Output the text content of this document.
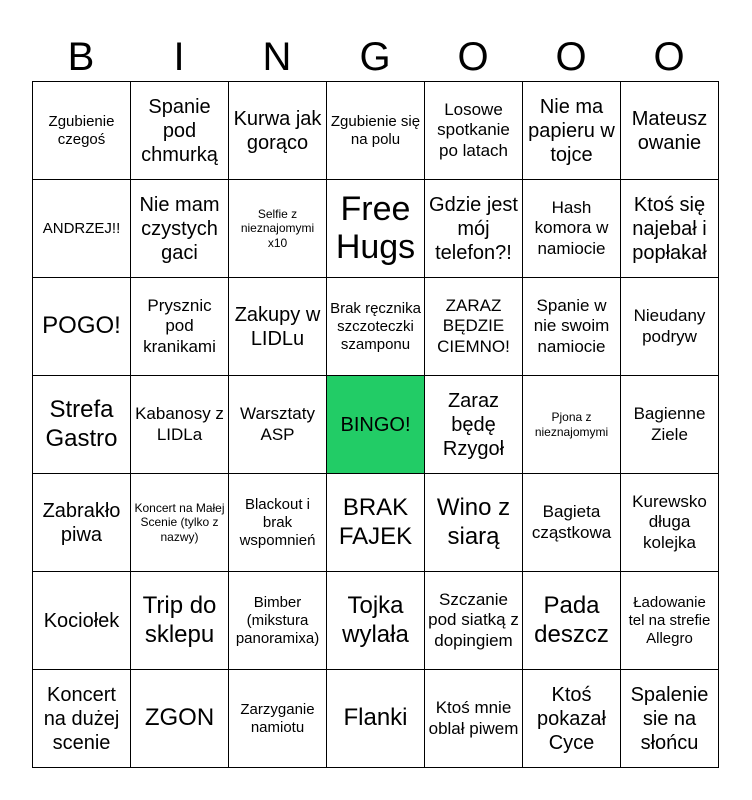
B	I	N	G	O	O	O
Zgubienie czegoś	Spanie pod chmurką	Kurwa jak gorąco	Zgubienie się na polu	Losowe spotkanie po latach	Nie ma papieru w tojce	Mateusz owanie
ANDRZEJ!!	Nie mam czystych gaci	Selfie z nieznajomymi x10	Free Hugs	Gdzie jest mój telefon?!	Hash komora w namiocie	Ktoś się najebał i popłakał
POGO!	Prysznic pod kranikami	Zakupy w LIDLu	Brak ręcznika szczoteczki szamponu	ZARAZ BĘDZIE CIEMNO!	Spanie w nie swoim namiocie	Nieudany podryw
Strefa Gastro	Kabanosy z LIDLa	Warsztaty ASP	BINGO!	Zaraz będę Rzygoł	Pjona z nieznajomymi	Bagienne Ziele
Zabrakło piwa	Koncert na Małej Scenie (tylko z nazwy)	Blackout i brak wspomnień	BRAK FAJEK	Wino z siarą	Bagieta cząstkowa	Kurewsko długa kolejka
Kociołek	Trip do sklepu	Bimber (mikstura panoramixa)	Tojka wylała	Szczanie pod siatką z dopingiem	Pada deszcz	Ładowanie tel na strefie Allegro
Koncert na dużej scenie	ZGON	Zarzyganie namiotu	Flanki	Ktoś mnie oblał piwem	Ktoś pokazał Cyce	Spalenie sie na słońcu
